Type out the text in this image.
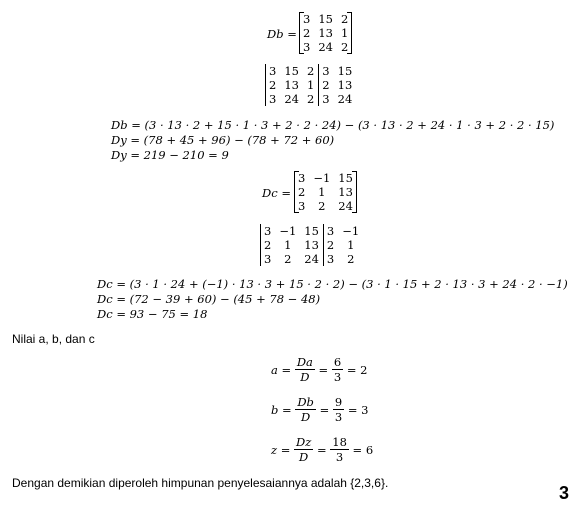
Db =
3	15	2
2	13	1
3	24	2
3	15	2	3	15
2	13	1	2	13
3	24	2	3	24
Db = (3 · 13 · 2 + 15 · 1 · 3 + 2 · 2 · 24) − (3 · 13 · 2 + 24 · 1 · 3 + 2 · 2 · 15)
Dy = (78 + 45 + 96) − (78 + 72 + 60)
Dy = 219 − 210 = 9
Dc =
3	−1	15
2	1	13
3	2	24
3	−1	15	3	−1
2	1	13	2	1
3	2	24	3	2
Dc = (3 · 1 · 24 + (−1) · 13 · 3 + 15 · 2 · 2) − (3 · 1 · 15 + 2 · 13 · 3 + 24 · 2 · −1)
Dc = (72 − 39 + 60) − (45 + 78 − 48)
Dc = 93 − 75 = 18
Nilai a, b, dan c
$a = \frac{Da}{D} = \frac{6}{3} = 2$
$b = \frac{Db}{D} = \frac{9}{3} = 3$
$z = \frac{Dz}{D} = \frac{18}{3} = 6$
Dengan demikian diperoleh himpunan penyelesaiannya adalah {2,3,6}.	3
